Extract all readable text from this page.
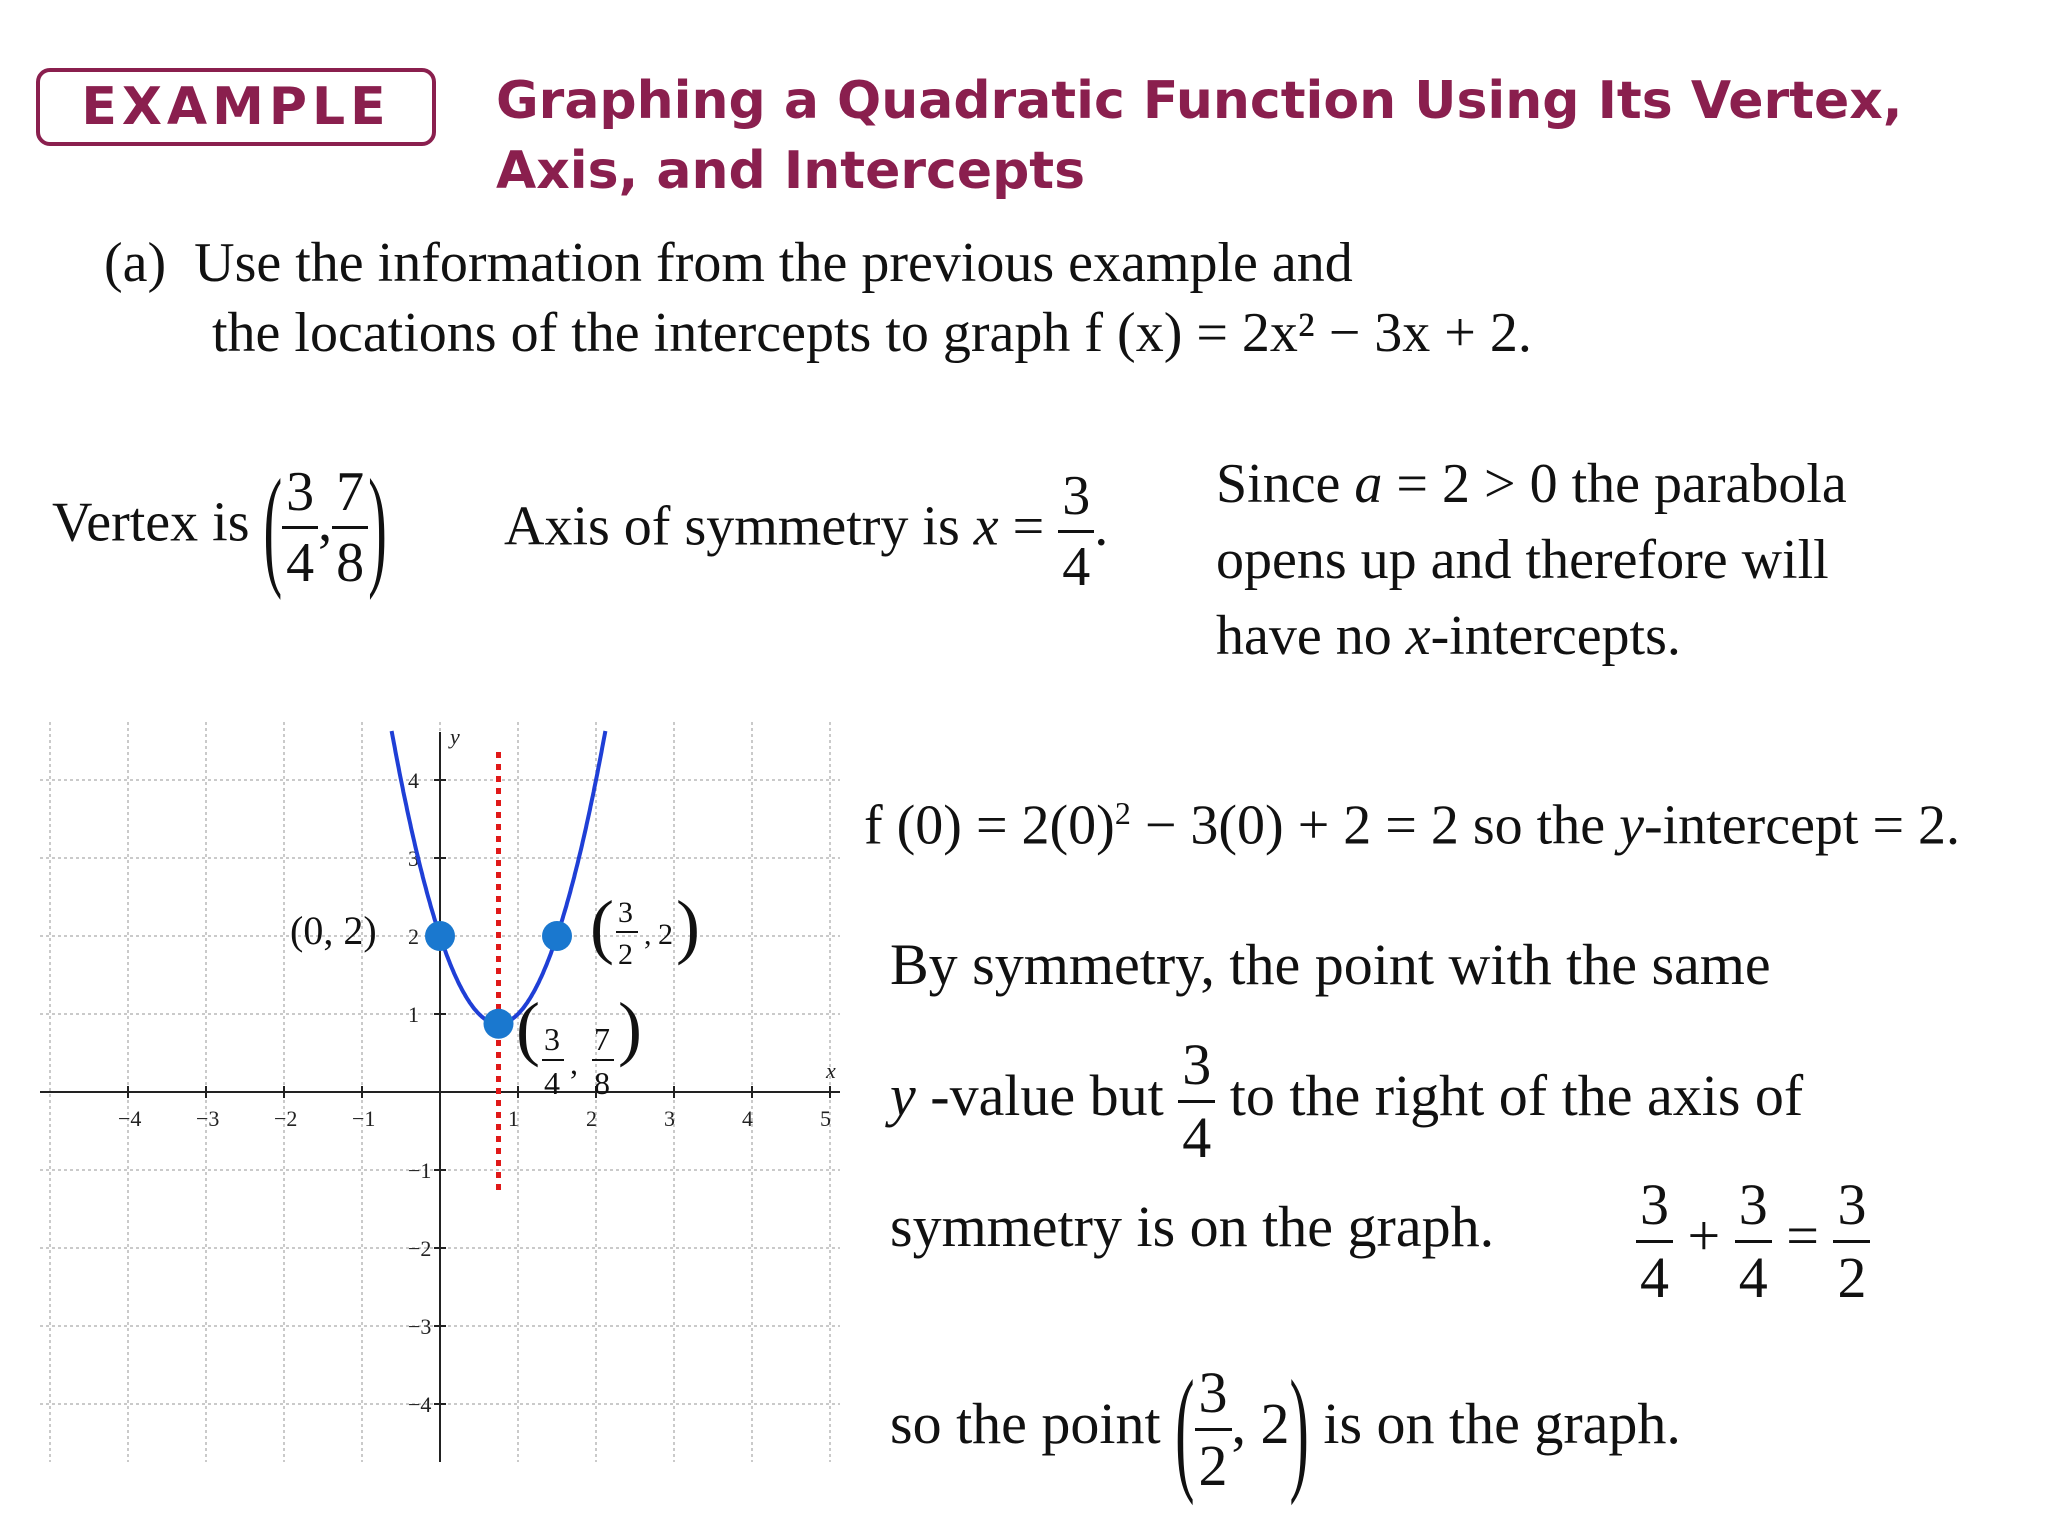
EXAMPLE	Graphing a Quadratic Function Using Its Vertex, Axis, and Intercepts
(a) Use the information from the previous example and
the locations of the intercepts to graph f (x) = 2x² − 3x + 2.
Vertex is ( $\frac{3}{4}$ , $\frac{7}{8}$ ) Axis of symmetry is $x = \frac{3}{4}$ .
Since a = 2 > 0 the parabola
opens up and therefore will
have no x-intercepts.
f $(0) = 2(0)^2 - 3(0) + 2 = 2$ so the y-intercept = 2.
By symmetry, the point with the same
y -value but $\frac{3}{4}$ to the right of the axis of
symmetry is on the graph. $\frac{3}{4} + \frac{3}{4} = \frac{3}{2}$
so the point ( $\frac{3}{2}$ , 2) is on the graph.
x
y
−4 −3 −2 −1	1	2	3	4	5
4
3
2
1
−1
−2
−3
−4
(0, 2)
( 3
4
,
7
8
)
( 3
2
, 2 )
